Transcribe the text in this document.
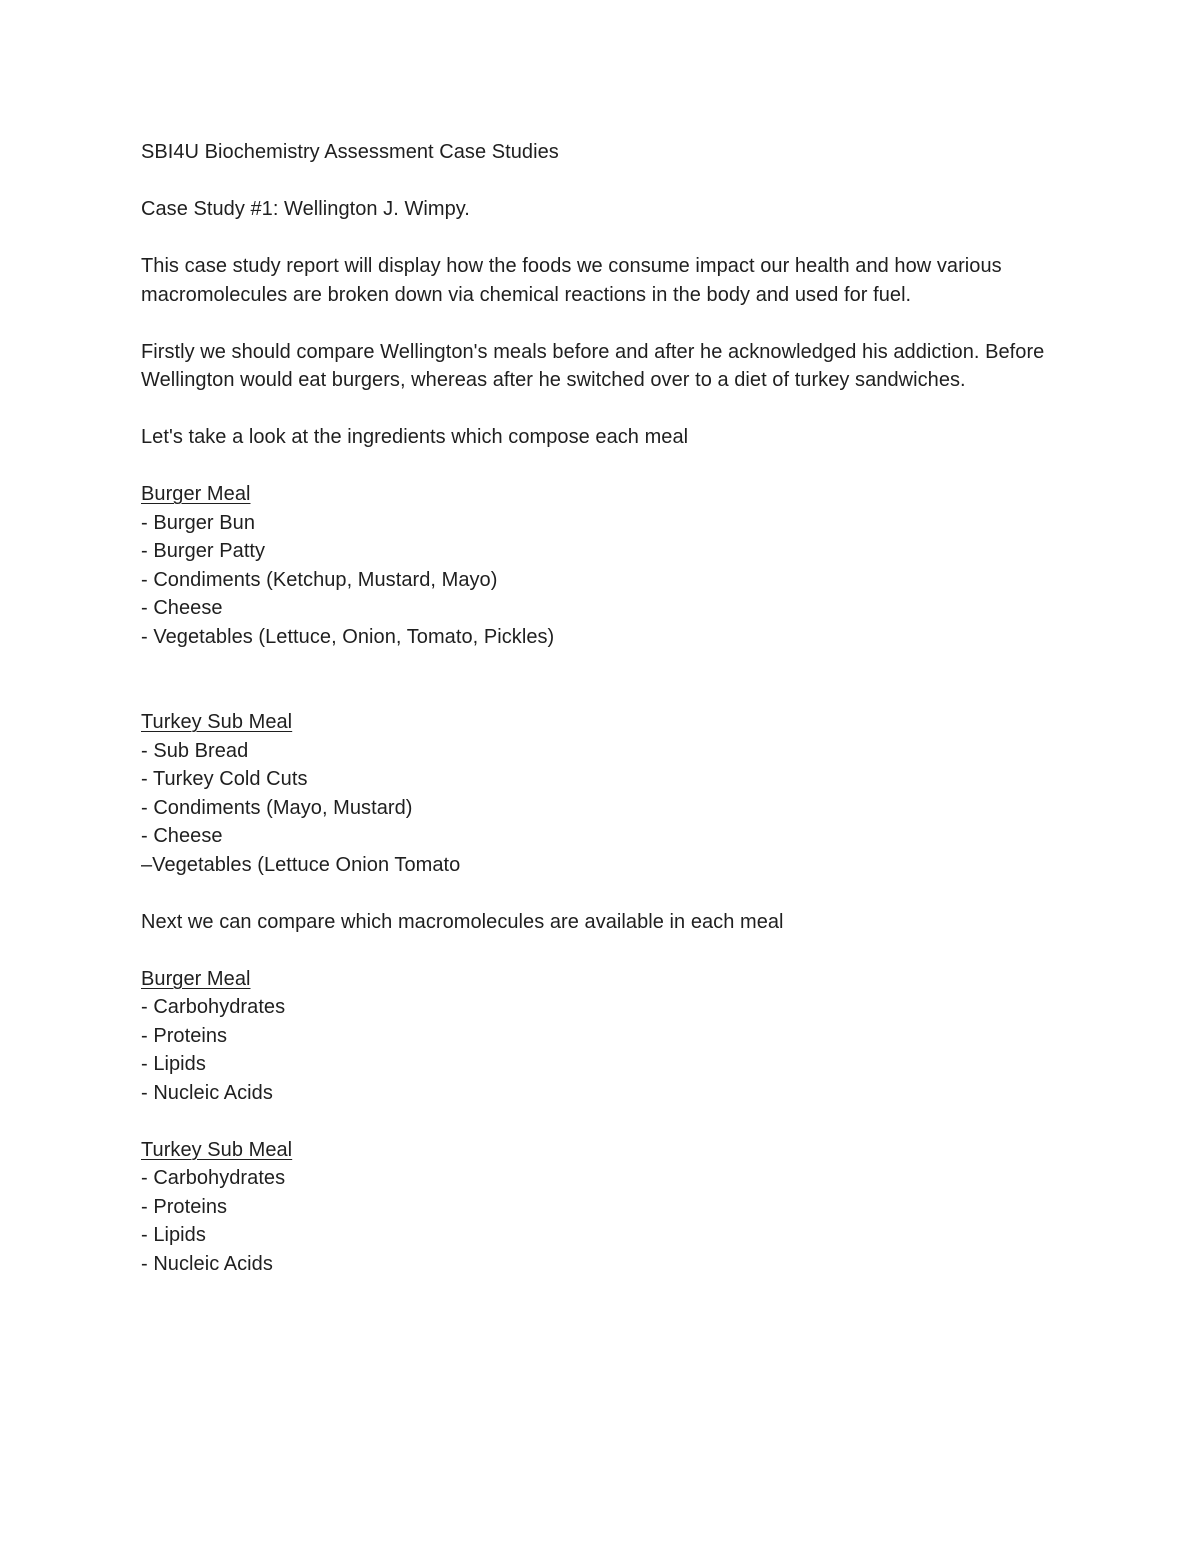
SBI4U Biochemistry Assessment Case Studies

Case Study #1: Wellington J. Wimpy.

This case study report will display how the foods we consume impact our health and how various macromolecules are broken down via chemical reactions in the body and used for fuel.

Firstly we should compare Wellington's meals before and after he acknowledged his addiction. Before Wellington would eat burgers, whereas after he switched over to a diet of turkey sandwiches.

Let's take a look at the ingredients which compose each meal

Burger Meal

- Burger Bun
- Burger Patty
- Condiments (Ketchup, Mustard, Mayo)
- Cheese
- Vegetables (Lettuce, Onion, Tomato, Pickles)

Turkey Sub Meal

- Sub Bread
- Turkey Cold Cuts
- Condiments (Mayo, Mustard)
- Cheese
–Vegetables (Lettuce Onion Tomato

Next we can compare which macromolecules are available in each meal

Burger Meal

- Carbohydrates
- Proteins
- Lipids
- Nucleic Acids

Turkey Sub Meal

- Carbohydrates
- Proteins
- Lipids
- Nucleic Acids
